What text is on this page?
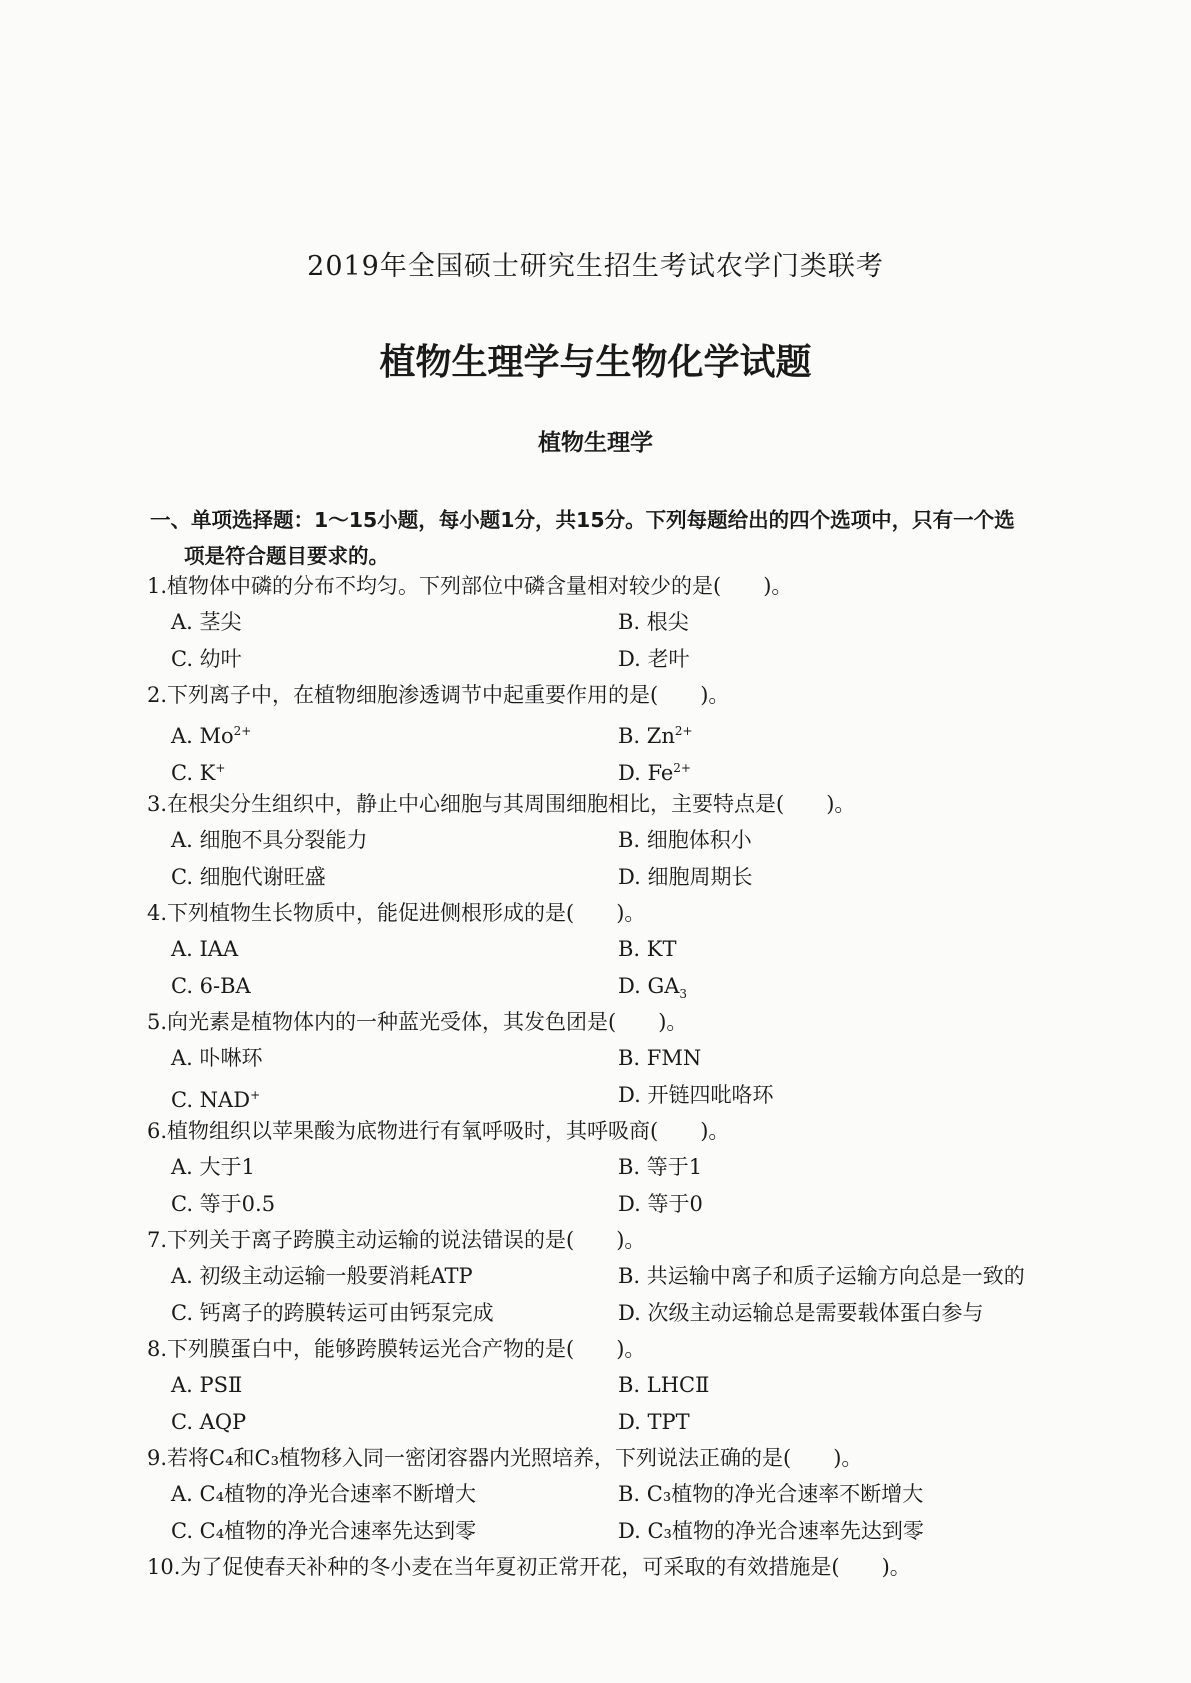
2019年全国硕士研究生招生考试农学门类联考
植物生理学与生物化学试题
植物生理学
一、单项选择题：1～15小题，每小题1分，共15分。下列每题给出的四个选项中，只有一个选
项是符合题目要求的。
1.植物体中磷的分布不均匀。下列部位中磷含量相对较少的是(　　)。
A. 茎尖	B. 根尖
C. 幼叶	D. 老叶
2.下列离子中，在植物细胞渗透调节中起重要作用的是(　　)。
A. $Mo^{2+}$	B. $Zn^{2+}$
C. K+	D. $Fe^{2+}$
3.在根尖分生组织中，静止中心细胞与其周围细胞相比，主要特点是(　　)。
A. 细胞不具分裂能力	B. 细胞体积小
C. 细胞代谢旺盛	D. 细胞周期长
4.下列植物生长物质中，能促进侧根形成的是(　　)。
A. IAA	B. KT
C. 6-BA	D. $GA_3$
5.向光素是植物体内的一种蓝光受体，其发色团是(　　)。
A. 卟啉环	B. FMN
C. NAD+	D. 开链四吡咯环
6.植物组织以苹果酸为底物进行有氧呼吸时，其呼吸商(　　)。
A. 大于1	B. 等于1
C. 等于0.5	D. 等于0
7.下列关于离子跨膜主动运输的说法错误的是(　　)。
A. 初级主动运输一般要消耗ATP	B. 共运输中离子和质子运输方向总是一致的
C. 钙离子的跨膜转运可由钙泵完成	D. 次级主动运输总是需要载体蛋白参与
8.下列膜蛋白中，能够跨膜转运光合产物的是(　　)。
A. PSⅡ	B. LHCⅡ
C. AQP	D. TPT
9.若将C₄和C₃植物移入同一密闭容器内光照培养，下列说法正确的是(　　)。
A. C₄植物的净光合速率不断增大	B. C₃植物的净光合速率不断增大
C. C₄植物的净光合速率先达到零	D. C₃植物的净光合速率先达到零
10.为了促使春天补种的冬小麦在当年夏初正常开花，可采取的有效措施是(　　)。
